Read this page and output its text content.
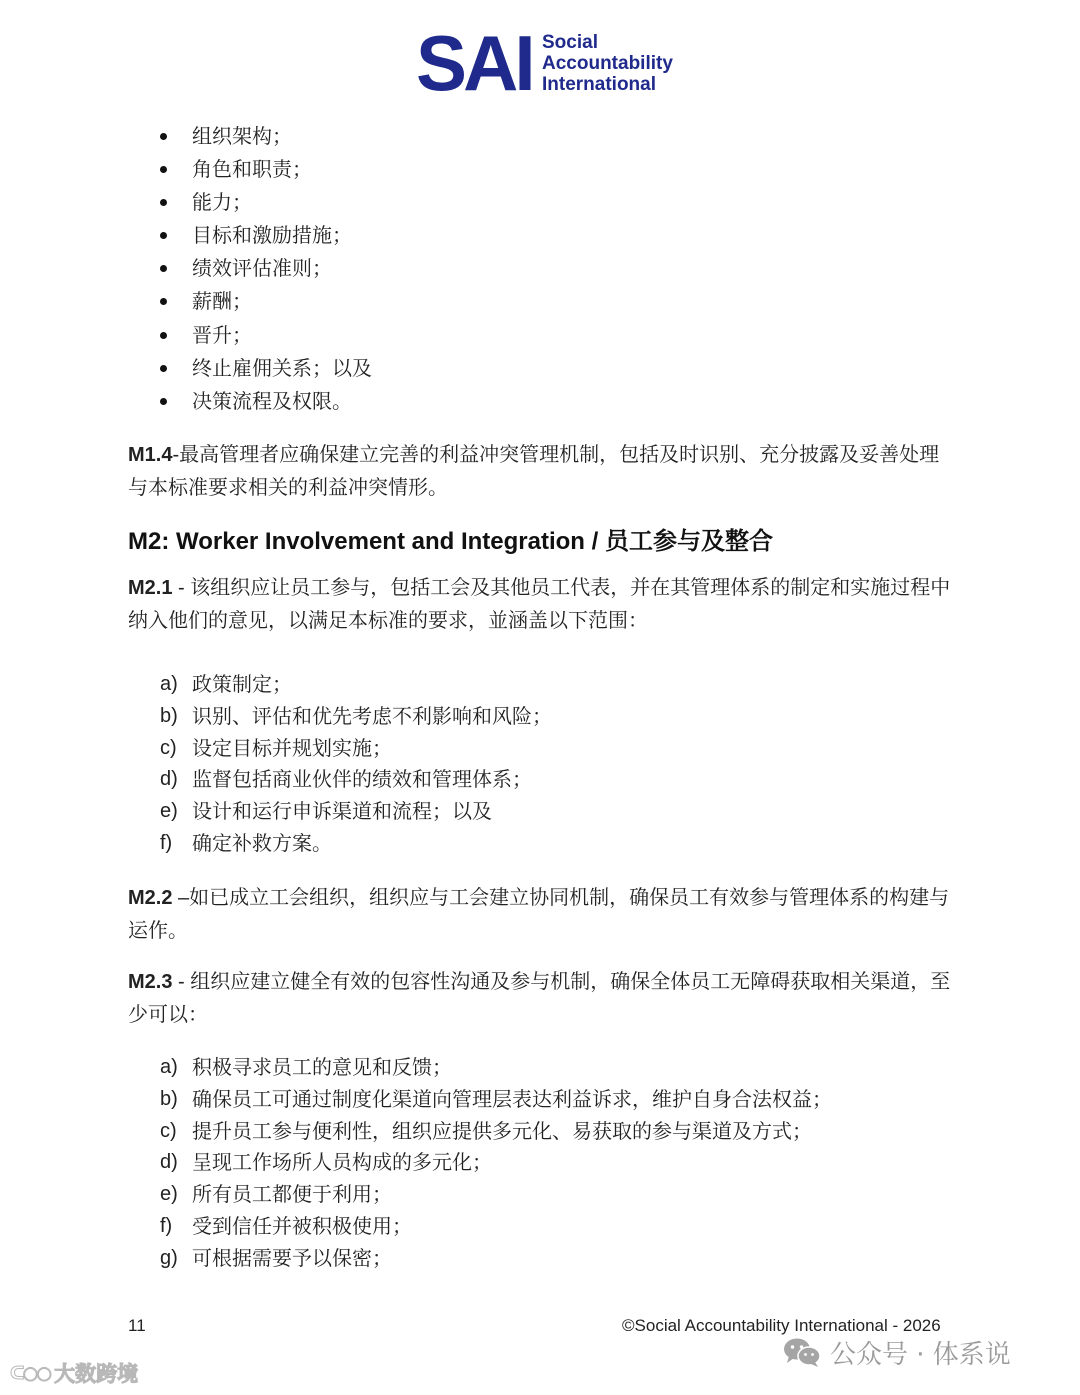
SAI Social
Accountability
International
组织架构；
角色和职责；
能力；
目标和激励措施；
绩效评估准则；
薪酬；
晋升；
终止雇佣关系；以及
决策流程及权限。

M1.4-最高管理者应确保建立完善的利益冲突管理机制，包括及时识别、充分披露及妥善处理与本标准要求相关的利益冲突情形。

M2: Worker Involvement and Integration / 员工参与及整合

M2.1 - 该组织应让员工参与，包括工会及其他员工代表，并在其管理体系的制定和实施过程中纳入他们的意见，以满足本标准的要求，並涵盖以下范围：

a) 政策制定；
b) 识别、评估和优先考虑不利影响和风险；
c) 设定目标并规划实施；
d) 监督包括商业伙伴的绩效和管理体系；
e) 设计和运行申诉渠道和流程；以及
f) 确定补救方案。

M2.2 –如已成立工会组织，组织应与工会建立协同机制，确保员工有效参与管理体系的构建与运作。

M2.3 - 组织应建立健全有效的包容性沟通及参与机制，确保全体员工无障碍获取相关渠道，至少可以：

a) 积极寻求员工的意见和反馈；
b) 确保员工可通过制度化渠道向管理层表达利益诉求，维护自身合法权益；
c) 提升员工参与便利性，组织应提供多元化、易获取的参与渠道及方式；
d) 呈现工作场所人员构成的多元化；
e) 所有员工都便于利用；
f) 受到信任并被积极使用；
g) 可根据需要予以保密；
11	©Social Accountability International - 2026
ᑕ○○ 大数跨境
公众号 · 体系说
